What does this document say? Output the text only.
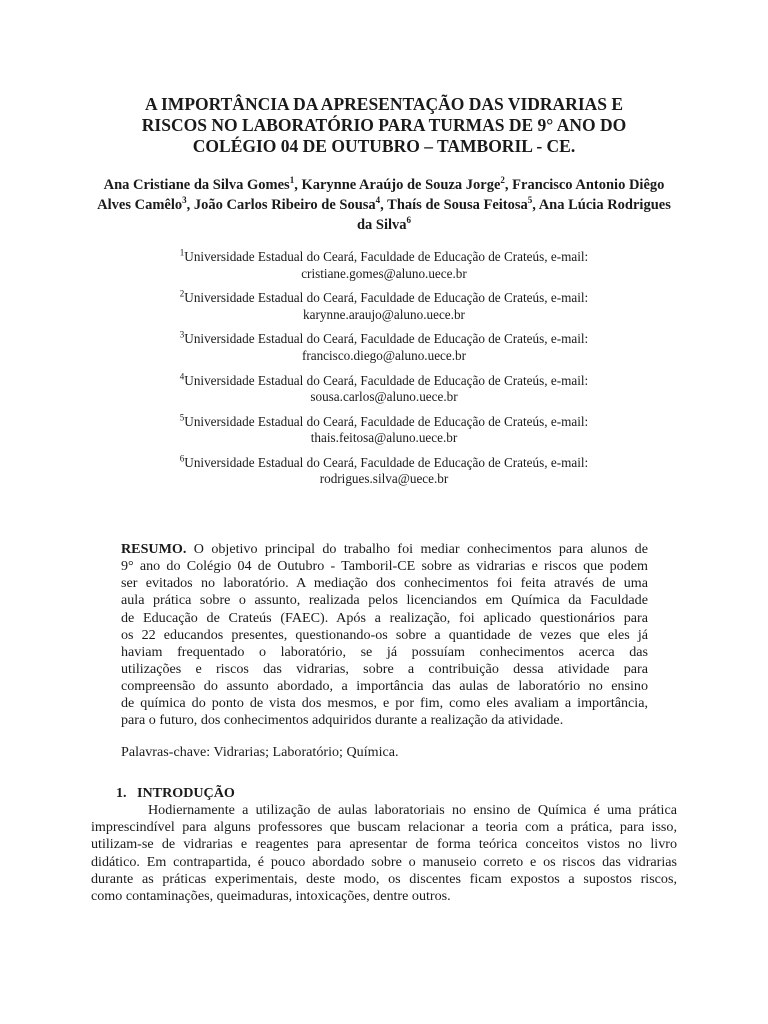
A IMPORTÂNCIA DA APRESENTAÇÃO DAS VIDRARIAS E
RISCOS NO LABORATÓRIO PARA TURMAS DE 9° ANO DO
COLÉGIO 04 DE OUTUBRO – TAMBORIL - CE.
Ana Cristiane da Silva Gomes$^1$, Karynne Araújo de Souza Jorge$^2$, Francisco Antonio Diêgo Alves Camêlo$^3$, João Carlos Ribeiro de Sousa$^4$, Thaís de Sousa Feitosa$^5$, Ana Lúcia Rodrigues da Silva$^6$
$^1$Universidade Estadual do Ceará, Faculdade de Educação de Crateús, e-mail:
cristiane.gomes@aluno.uece.br
$^2$Universidade Estadual do Ceará, Faculdade de Educação de Crateús, e-mail:
karynne.araujo@aluno.uece.br
$^3$Universidade Estadual do Ceará, Faculdade de Educação de Crateús, e-mail:
francisco.diego@aluno.uece.br
$^4$Universidade Estadual do Ceará, Faculdade de Educação de Crateús, e-mail:
sousa.carlos@aluno.uece.br
$^5$Universidade Estadual do Ceará, Faculdade de Educação de Crateús, e-mail:
thais.feitosa@aluno.uece.br
$^6$Universidade Estadual do Ceará, Faculdade de Educação de Crateús, e-mail:
rodrigues.silva@uece.br
RESUMO. O objetivo principal do trabalho foi mediar conhecimentos para alunos de
9° ano do Colégio 04 de Outubro - Tamboril-CE sobre as vidrarias e riscos que podem
ser evitados no laboratório. A mediação dos conhecimentos foi feita através de uma
aula prática sobre o assunto, realizada pelos licenciandos em Química da Faculdade
de Educação de Crateús (FAEC). Após a realização, foi aplicado questionários para
os 22 educandos presentes, questionando-os sobre a quantidade de vezes que eles já
haviam frequentado o laboratório, se já possuíam conhecimentos acerca das
utilizações e riscos das vidrarias, sobre a contribuição dessa atividade para
compreensão do assunto abordado, a importância das aulas de laboratório no ensino
de química do ponto de vista dos mesmos, e por fim, como eles avaliam a importância,
para o futuro, dos conhecimentos adquiridos durante a realização da atividade.
Palavras-chave: Vidrarias; Laboratório; Química.
1. INTRODUÇÃO
Hodiernamente a utilização de aulas laboratoriais no ensino de Química é uma prática
imprescindível para alguns professores que buscam relacionar a teoria com a prática, para isso,
utilizam-se de vidrarias e reagentes para apresentar de forma teórica conceitos vistos no livro
didático. Em contrapartida, é pouco abordado sobre o manuseio correto e os riscos das vidrarias
durante as práticas experimentais, deste modo, os discentes ficam expostos a supostos riscos,
como contaminações, queimaduras, intoxicações, dentre outros.
